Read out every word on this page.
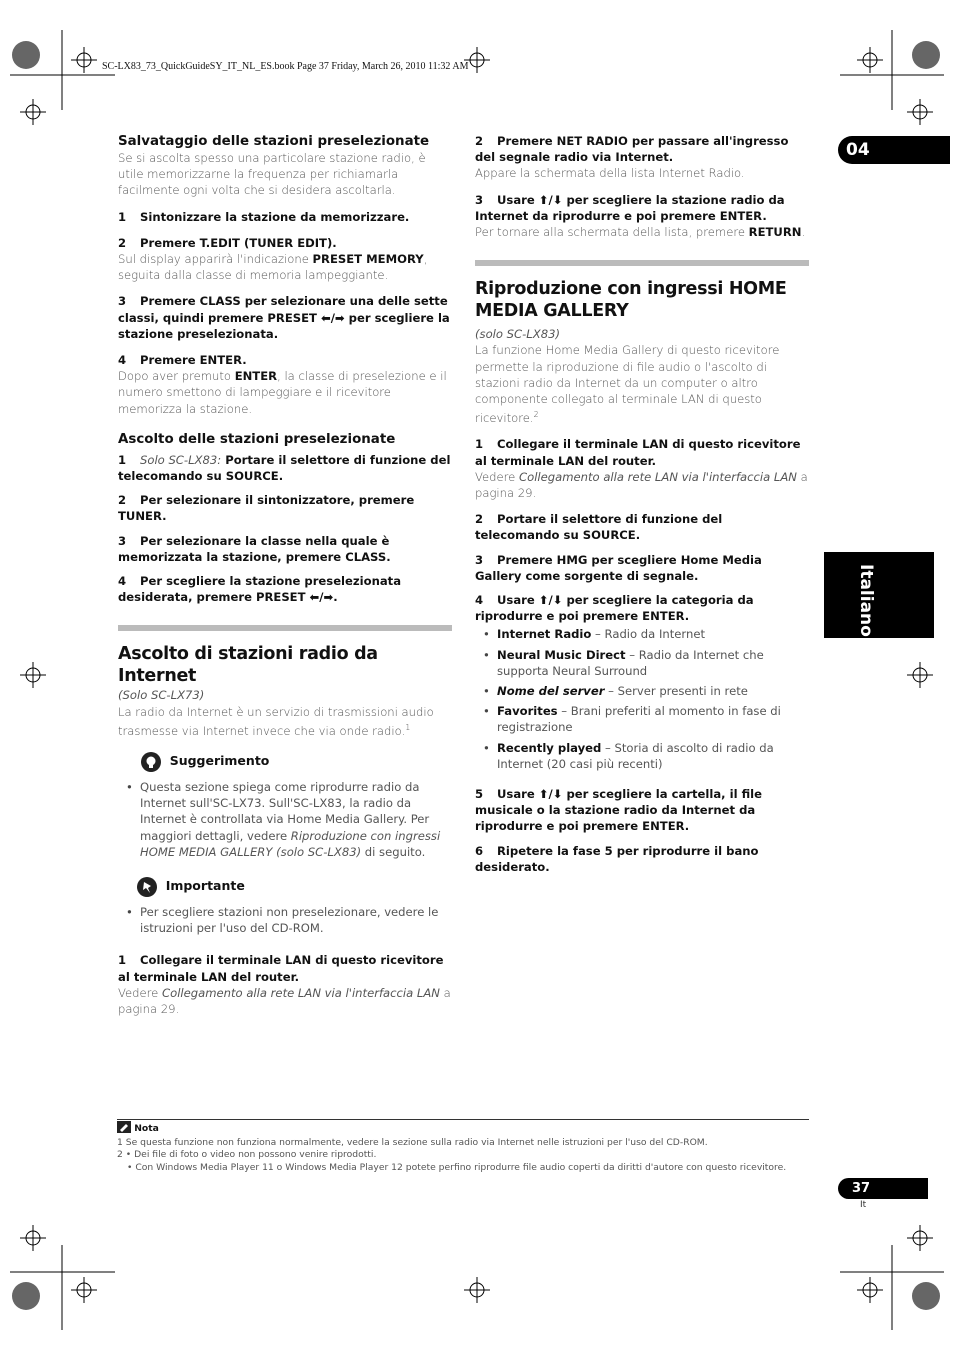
SC-LX83_73_QuickGuideSY_IT_NL_ES.book Page 37 Friday, March 26, 2010 11:32 AM
04
Italiano

Salvataggio delle stazioni preselezionate

Se si ascolta spesso una particolare stazione radio, è utile memorizzarne la frequenza per richiamarla facilmente ogni volta che si desidera ascoltarla.

1 Sintonizzare la stazione da memorizzare.

2 Premere T.EDIT (TUNER EDIT).

Sul display apparirà l'indicazione PRESET MEMORY, seguita dalla classe di memoria lampeggiante.

3 Premere CLASS per selezionare una delle sette classi, quindi premere PRESET ⬅/➡ per scegliere la stazione preselezionata.

4 Premere ENTER.

Dopo aver premuto ENTER, la classe di preselezione e il numero smettono di lampeggiare e il ricevitore memorizza la stazione.

Ascolto delle stazioni preselezionate

1 Solo SC-LX83: Portare il selettore di funzione del telecomando su SOURCE.

2 Per selezionare il sintonizzatore, premere TUNER.

3 Per selezionare la classe nella quale è memorizzata la stazione, premere CLASS.

4 Per scegliere la stazione preselezionata desiderata, premere PRESET ⬅/➡.

Ascolto di stazioni radio da Internet

(Solo SC-LX73)

La radio da Internet è un servizio di trasmissioni audio trasmesse via Internet invece che via onde radio.$^1$

Suggerimento

• Questa sezione spiega come riprodurre radio da Internet sull'SC-LX73. Sull'SC-LX83, la radio da Internet è controllata via Home Media Gallery. Per maggiori dettagli, vedere Riproduzione con ingressi HOME MEDIA GALLERY (solo SC-LX83) di seguito.

Importante

• Per scegliere stazioni non preselezionare, vedere le istruzioni per l'uso del CD-ROM.

1 Collegare il terminale LAN di questo ricevitore al terminale LAN del router.

Vedere Collegamento alla rete LAN via l'interfaccia LAN a pagina 29.

2 Premere NET RADIO per passare all'ingresso del segnale radio via Internet.

Appare la schermata della lista Internet Radio.

3 Usare ⬆/⬇ per scegliere la stazione radio da Internet da riprodurre e poi premere ENTER.

Per tornare alla schermata della lista, premere RETURN.

Riproduzione con ingressi HOME MEDIA GALLERY

(solo SC-LX83)

La funzione Home Media Gallery di questo ricevitore permette la riproduzione di file audio o l'ascolto di stazioni radio da Internet da un computer o altro componente collegato al terminale LAN di questo ricevitore.$^2$

1 Collegare il terminale LAN di questo ricevitore al terminale LAN del router.

Vedere Collegamento alla rete LAN via l'interfaccia LAN a pagina 29.

2 Portare il selettore di funzione del telecomando su SOURCE.

3 Premere HMG per scegliere Home Media Gallery come sorgente di segnale.

4 Usare ⬆/⬇ per scegliere la categoria da riprodurre e poi premere ENTER.

• Internet Radio – Radio da Internet
• Neural Music Direct – Radio da Internet che supporta Neural Surround
• Nome del server – Server presenti in rete
• Favorites – Brani preferiti al momento in fase di registrazione
• Recently played – Storia di ascolto di radio da Internet (20 casi più recenti)

5 Usare ⬆/⬇ per scegliere la cartella, il file musicale o la stazione radio da Internet da riprodurre e poi premere ENTER.

6 Ripetere la fase 5 per riprodurre il bano desiderato.

Nota
1 Se questa funzione non funziona normalmente, vedere la sezione sulla radio via Internet nelle istruzioni per l'uso del CD-ROM.
2 • Dei file di foto o video non possono venire riprodotti.
• Con Windows Media Player 11 o Windows Media Player 12 potete perfino riprodurre file audio coperti da diritti d'autore con questo ricevitore.
37
It
